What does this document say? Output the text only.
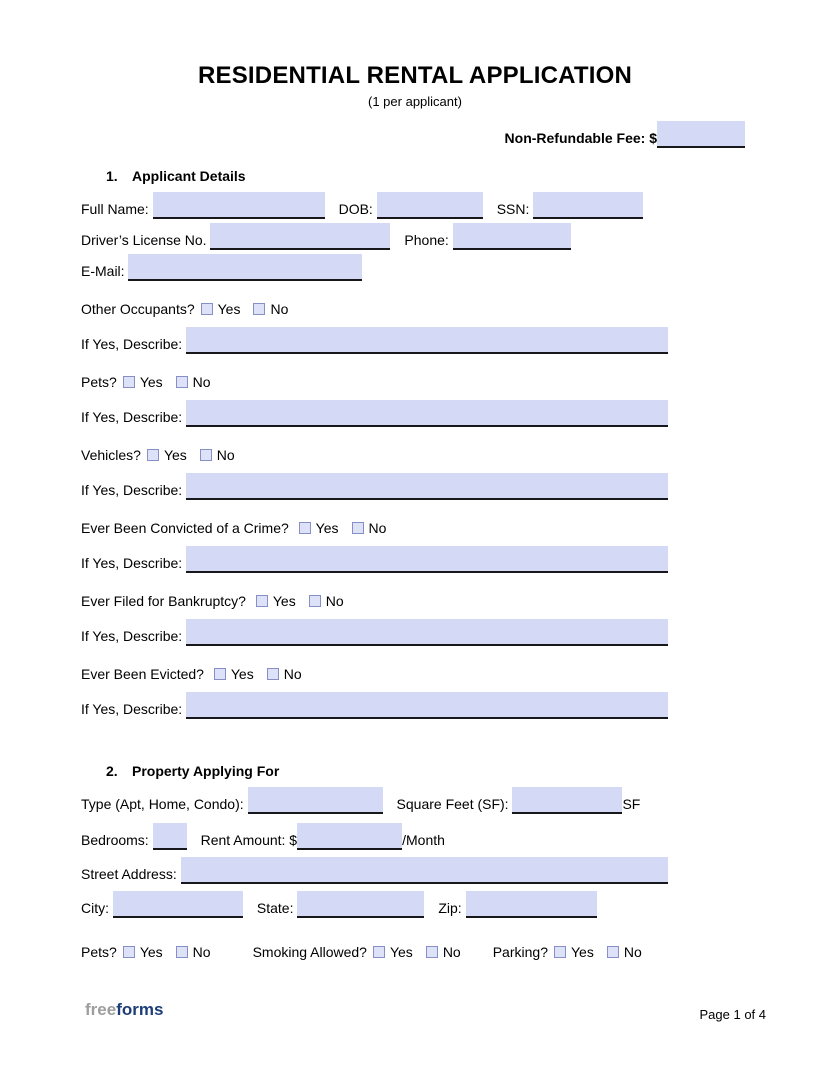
RESIDENTIAL RENTAL APPLICATION
(1 per applicant)
Non-Refundable Fee: $
1.	Applicant Details
Full Name:	DOB:	SSN:
Driver’s License No.	Phone:
E-Mail:
Other Occupants? Yes No
If Yes, Describe:
Pets? Yes No
If Yes, Describe:
Vehicles? Yes No
If Yes, Describe:
Ever Been Convicted of a Crime? Yes No
If Yes, Describe:
Ever Filed for Bankruptcy? Yes No
If Yes, Describe:
Ever Been Evicted? Yes No
If Yes, Describe:
2.	Property Applying For
Type (Apt, Home, Condo):	Square Feet (SF):	SF
Bedrooms:	Rent Amount: $	/Month
Street Address:
City:	State:	Zip:
Pets? Yes No	Smoking Allowed? Yes No Parking? Yes No
freeforms	Page 1 of 4
